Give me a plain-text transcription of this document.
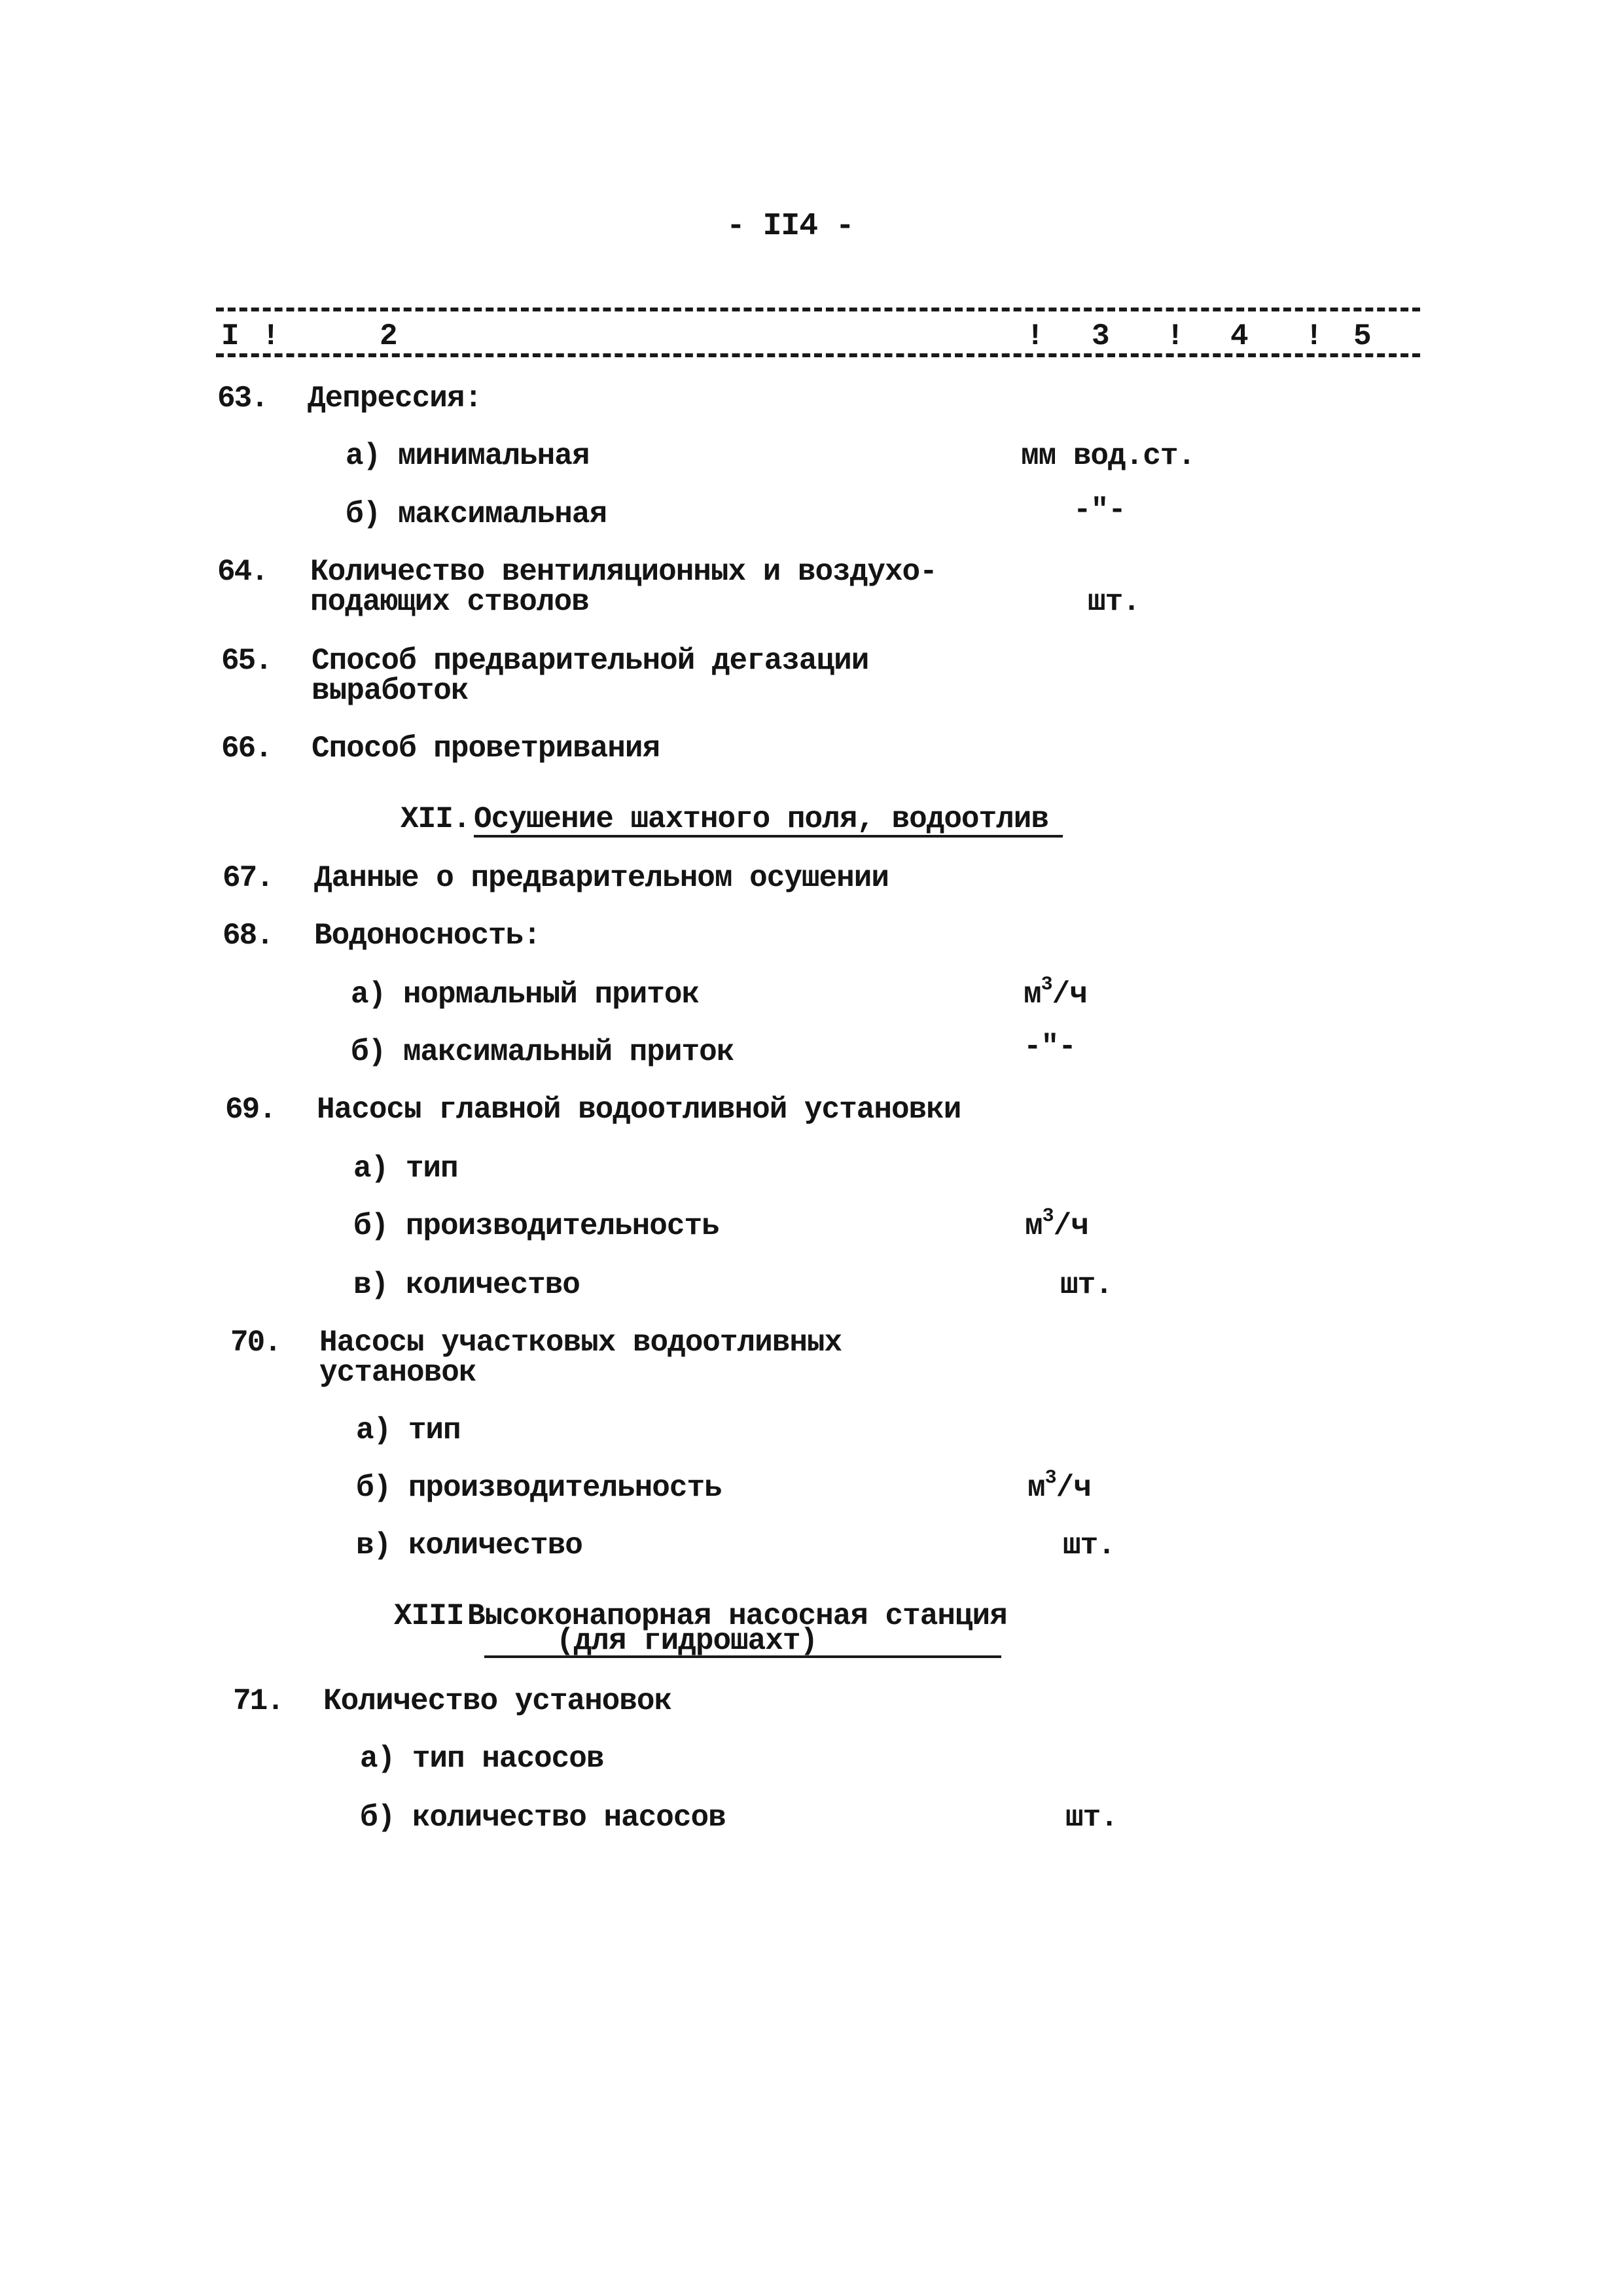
- II4 -
I !	2	! 3 ! 4 ! 5
63. Депрессия:
а) минимальная	мм вод.ст.
б) максимальная	-"-
64. Количество вентиляционных и воздухо-
подающих стволов	шт.
65. Способ предварительной дегазации
выработок
66. Способ проветривания
XII. Осушение шахтного поля, водоотлив
67. Данные о предварительном осушении
68. Водоносность:
а) нормальный приток	$м^3/ч$
б) максимальный приток	-"-
69. Насосы главной водоотливной установки
а) тип
б) производительность	$м^3/ч$
в) количество	шт.
70. Насосы участковых водоотливных
установок
а) тип
б) производительность	$м^3/ч$
в) количество	шт.
XIII.
Высоконапорная насосная станция
(для гидрошахт)
71. Количество установок
а) тип насосов
б) количество насосов	шт.
